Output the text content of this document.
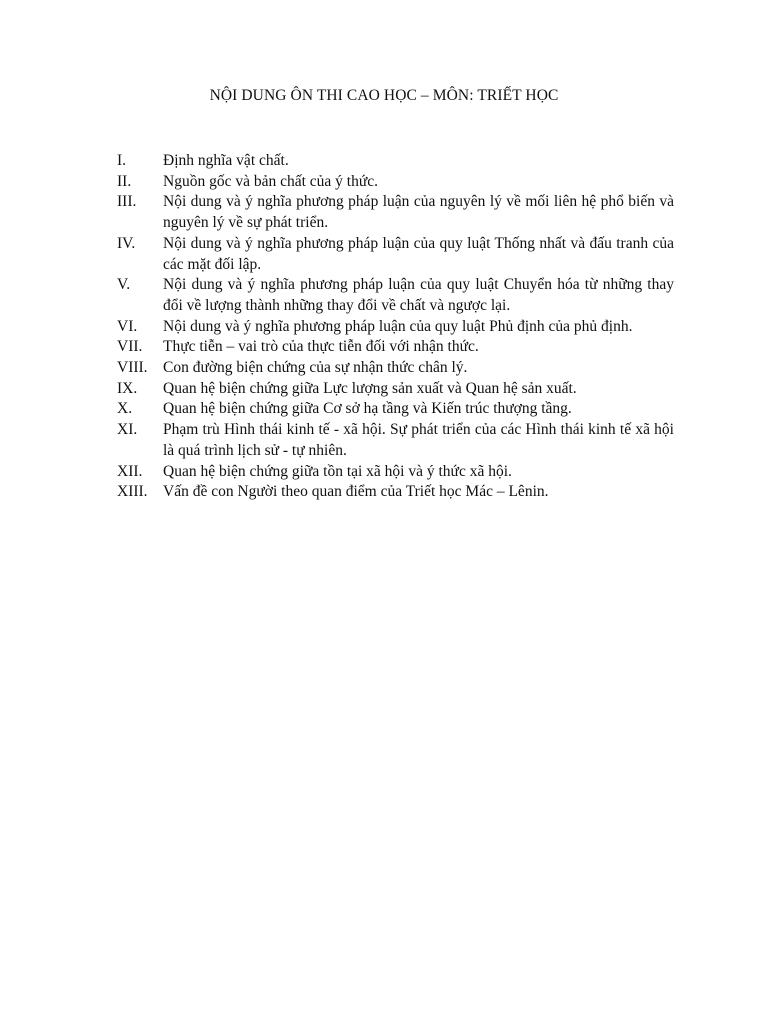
NỘI DUNG ÔN THI CAO HỌC – MÔN: TRIẾT HỌC
I.	Định nghĩa vật chất.
II.	Nguồn gốc và bản chất của ý thức.
III.	Nội dung và ý nghĩa phương pháp luận của nguyên lý về mối liên hệ phổ biến và nguyên lý về sự phát triển.
IV.	Nội dung và ý nghĩa phương pháp luận của quy luật Thống nhất và đấu tranh của các mặt đối lập.
V.	Nội dung và ý nghĩa phương pháp luận của quy luật Chuyển hóa từ những thay đổi về lượng thành những thay đổi về chất và ngược lại.
VI.	Nội dung và ý nghĩa phương pháp luận của quy luật Phủ định của phủ định.
VII.	Thực tiễn – vai trò của thực tiễn đối với nhận thức.
VIII. Con đường biện chứng của sự nhận thức chân lý.
IX.	Quan hệ biện chứng giữa Lực lượng sản xuất và Quan hệ sản xuất.
X.	Quan hệ biện chứng giữa Cơ sở hạ tầng và Kiến trúc thượng tầng.
XI.	Phạm trù Hình thái kinh tế - xã hội. Sự phát triển của các Hình thái kinh tế xã hội là quá trình lịch sử - tự nhiên.
XII.	Quan hệ biện chứng giữa tồn tại xã hội và ý thức xã hội.
XIII. Vấn đề con Người theo quan điểm của Triết học Mác – Lênin.
